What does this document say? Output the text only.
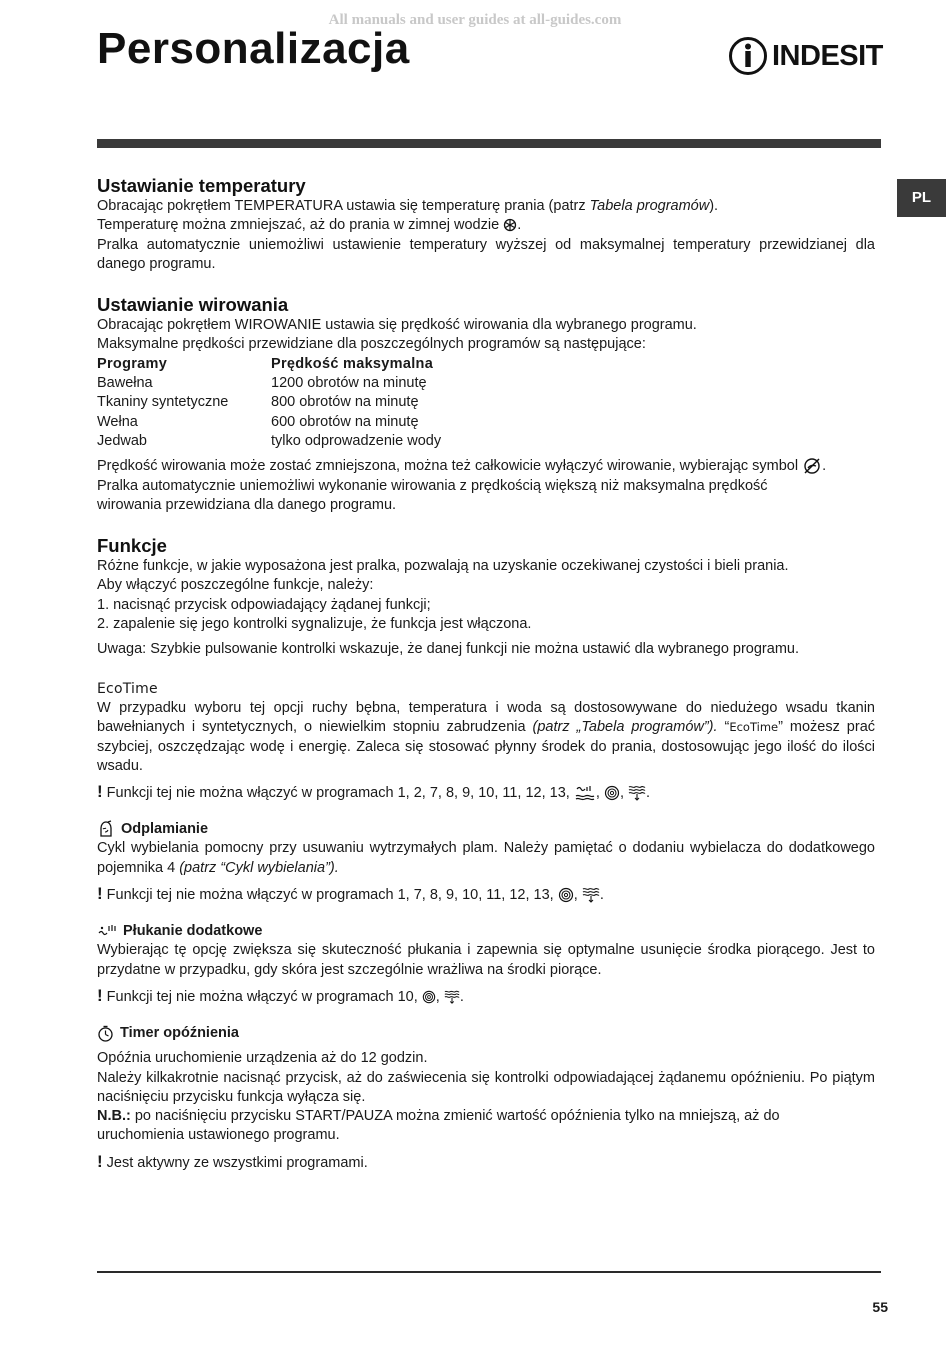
All manuals and user guides at all-guides.com
Personalizacja	INDESIT
PL
Ustawianie temperatury

Obracając pokrętłem TEMPERATURA ustawia się temperaturę prania (patrz Tabela programów).

Temperaturę można zmniejszać, aż do prania w zimnej wodzie .

Pralka automatycznie uniemożliwi ustawienie temperatury wyższej od maksymalnej temperatury przewidzianej dla danego programu.

Ustawianie wirowania

Obracając pokrętłem WIROWANIE ustawia się prędkość wirowania dla wybranego programu.

Maksymalne prędkości przewidziane dla poszczególnych programów są następujące:

Programy	Prędkość maksymalna
Bawełna	1200 obrotów na minutę
Tkaniny syntetyczne	800 obrotów na minutę
Wełna	600 obrotów na minutę
Jedwab	tylko odprowadzenie wody

Prędkość wirowania może zostać zmniejszona, można też całkowicie wyłączyć wirowanie, wybierając symbol .

Pralka automatycznie uniemożliwi wykonanie wirowania z prędkością większą niż maksymalna prędkość wirowania przewidziana dla danego programu.

Funkcje

Różne funkcje, w jakie wyposażona jest pralka, pozwalają na uzyskanie oczekiwanej czystości i bieli prania.

Aby włączyć poszczególne funkcje, należy:

1. nacisnąć przycisk odpowiadający żądanej funkcji;

2. zapalenie się jego kontrolki sygnalizuje, że funkcja jest włączona.

Uwaga: Szybkie pulsowanie kontrolki wskazuje, że danej funkcji nie można ustawić dla wybranego programu.

EcoTime

W przypadku wyboru tej opcji ruchy bębna, temperatura i woda są dostosowywane do niedużego wsadu tkanin bawełnianych i syntetycznych, o niewielkim stopniu zabrudzenia (patrz „Tabela programów”). “EcoTime” możesz prać szybciej, oszczędzając wodę i energię. Zaleca się stosować płynny środek do prania, dostosowując jego ilość do ilości wsadu.

! Funkcji tej nie można włączyć w programach 1, 2, 7, 8, 9, 10, 11, 12, 13, , , .

Odplamianie

Cykl wybielania pomocny przy usuwaniu wytrzymałych plam. Należy pamiętać o dodaniu wybielacza do dodatkowego pojemnika 4 (patrz “Cykl wybielania”).

! Funkcji tej nie można włączyć w programach 1, 7, 8, 9, 10, 11, 12, 13, , .

Płukanie dodatkowe

Wybierając tę opcję zwiększa się skuteczność płukania i zapewnia się optymalne usunięcie środka piorącego. Jest to przydatne w przypadku, gdy skóra jest szczególnie wrażliwa na środki piorące.

! Funkcji tej nie można włączyć w programach 10, , .

Timer opóźnienia

Opóźnia uruchomienie urządzenia aż do 12 godzin.

Należy kilkakrotnie nacisnąć przycisk, aż do zaświecenia się kontrolki odpowiadającej żądanemu opóźnieniu. Po piątym naciśnięciu przycisku funkcja wyłącza się.

N.B.: po naciśnięciu przycisku START/PAUZA można zmienić wartość opóźnienia tylko na mniejszą, aż do uruchomienia ustawionego programu.

! Jest aktywny ze wszystkimi programami.

55
